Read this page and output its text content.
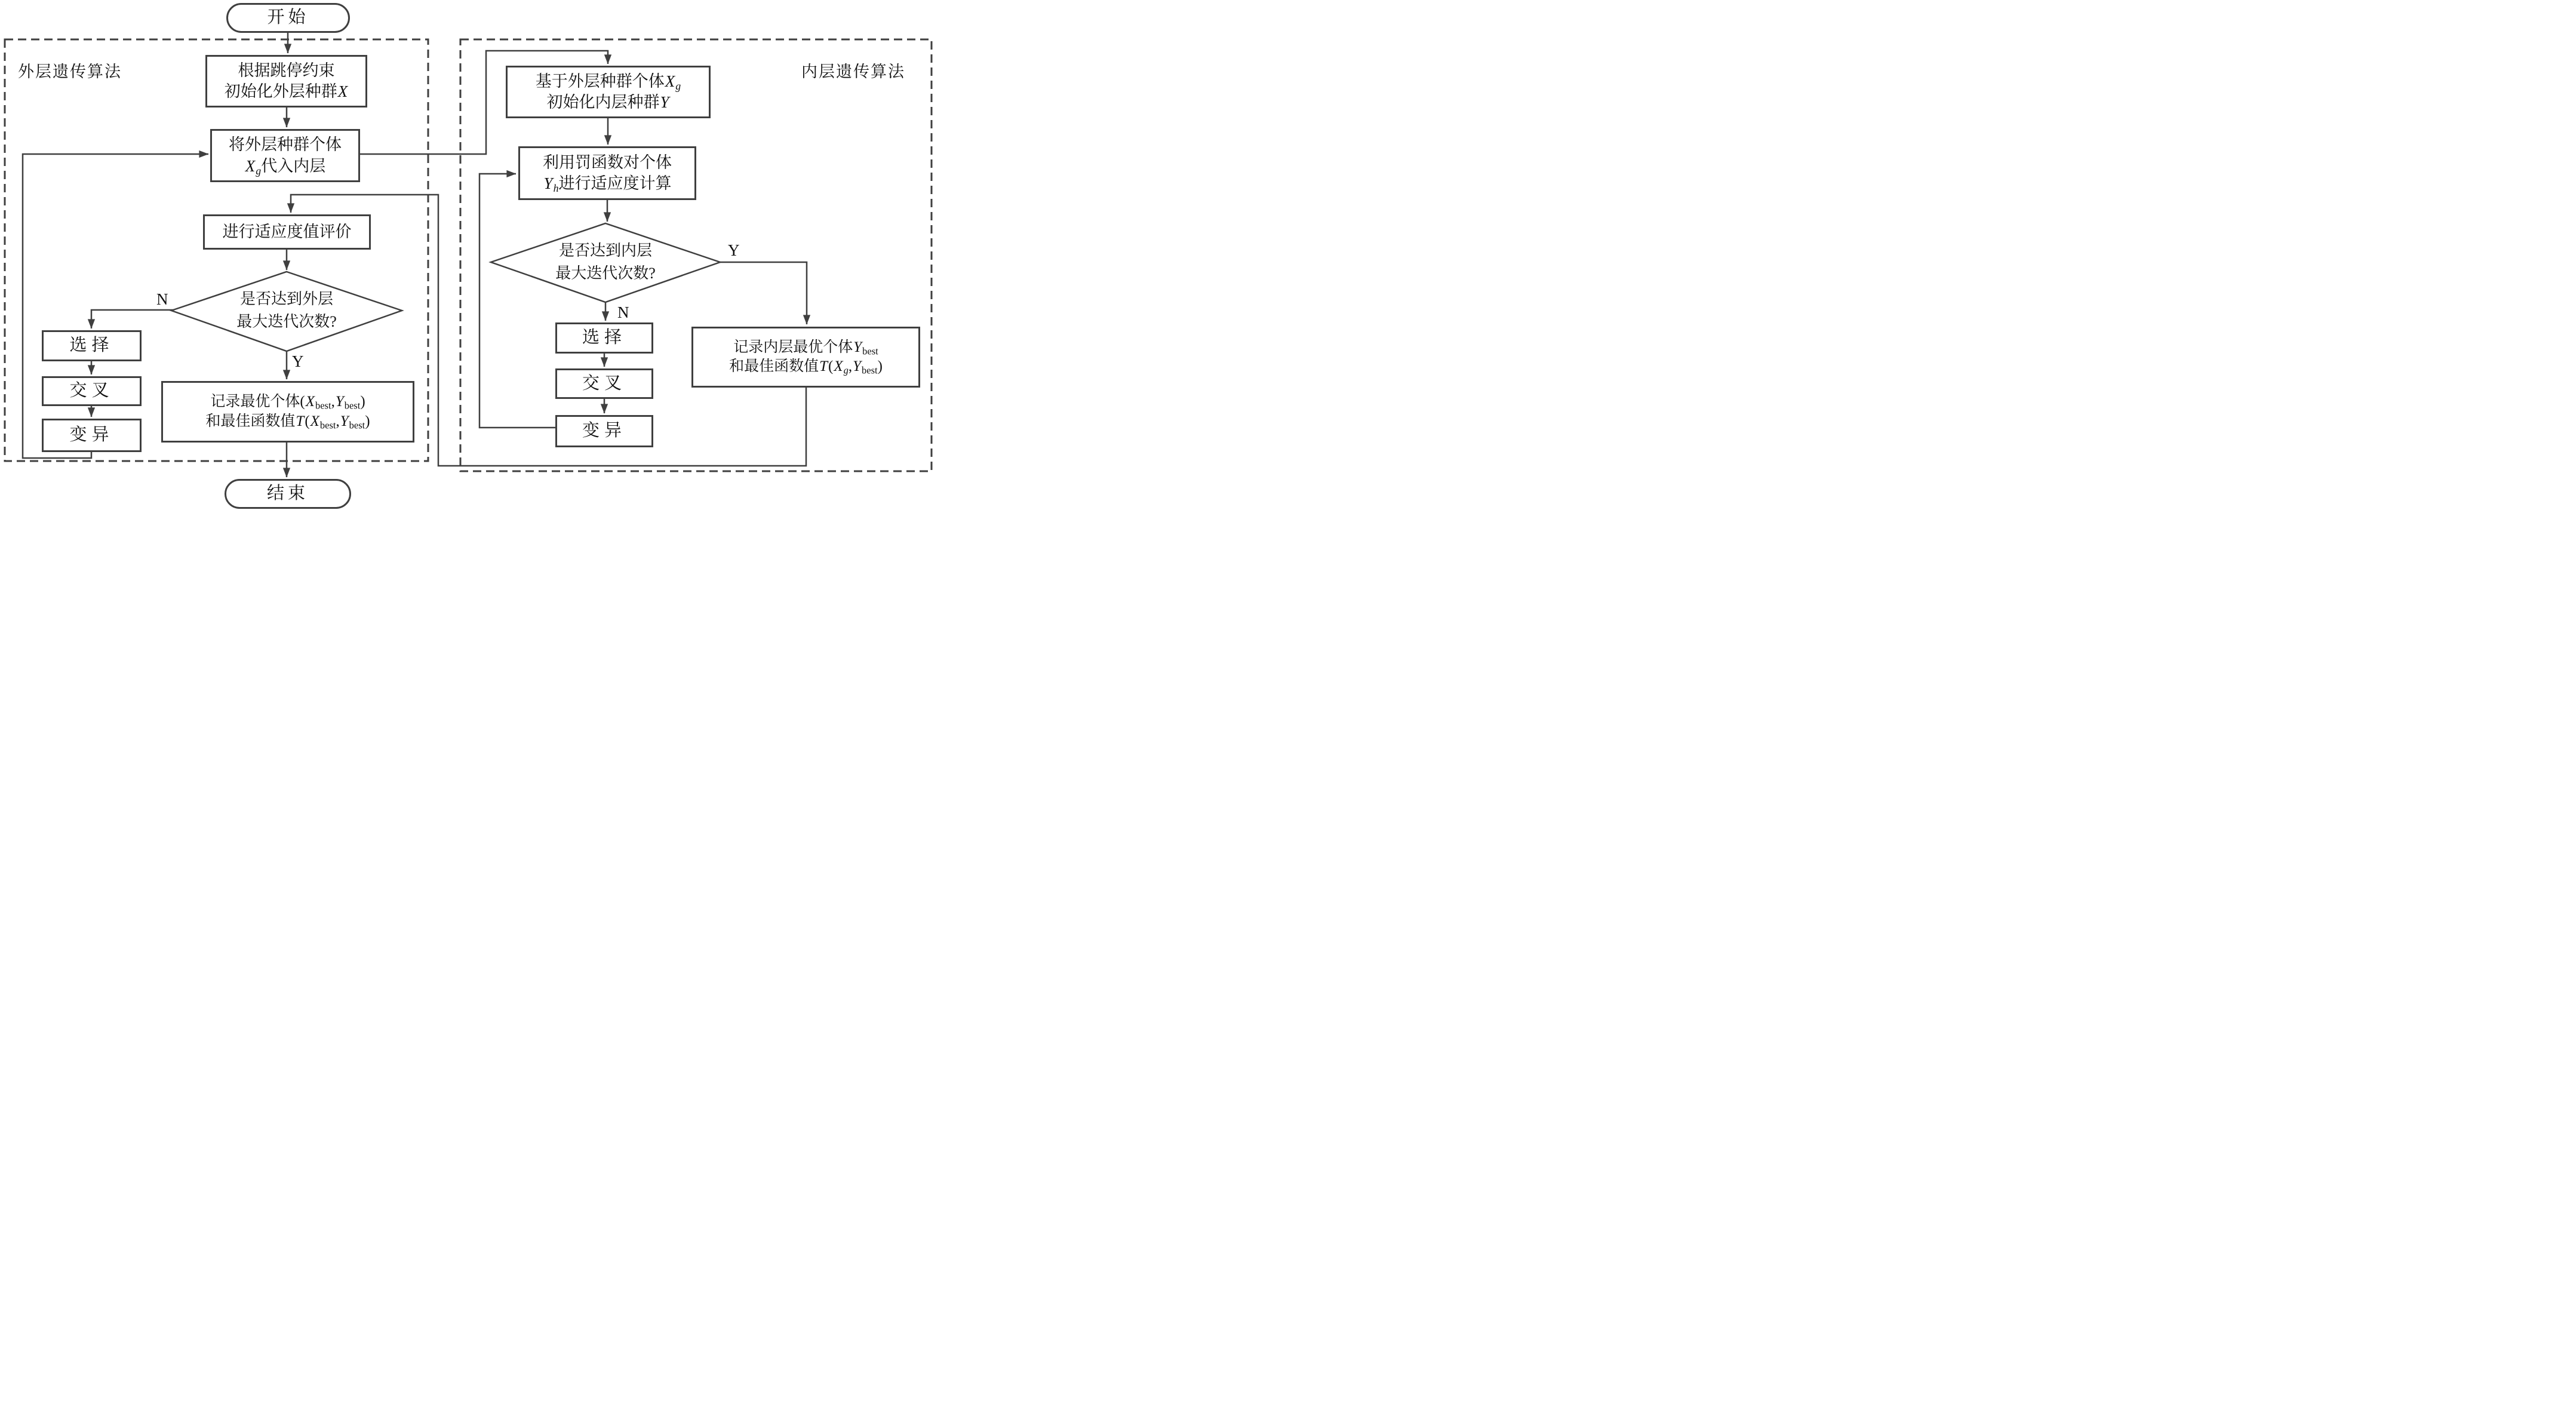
外层遗传算法	内层遗传算法
开始
结束
根据跳停约束
初始化外层种群X
将外层种群个体
$X_g$代入内层
进行适应度值评价
是否达到外层
最大迭代次数?
选择
交叉
变异
记录最优个体$(X_{best},Y_{best})$
和最佳函数值$T(X_{best},Y_{best})$
基于外层种群个体$X_g$
初始化内层种群Y
利用罚函数对个体
$Y_h$进行适应度计算
是否达到内层
最大迭代次数?
选择
交叉
变异
记录内层最优个体$Y_{best}$
和最佳函数值$T(X_g,Y_{best})$
N
Y
N
Y
